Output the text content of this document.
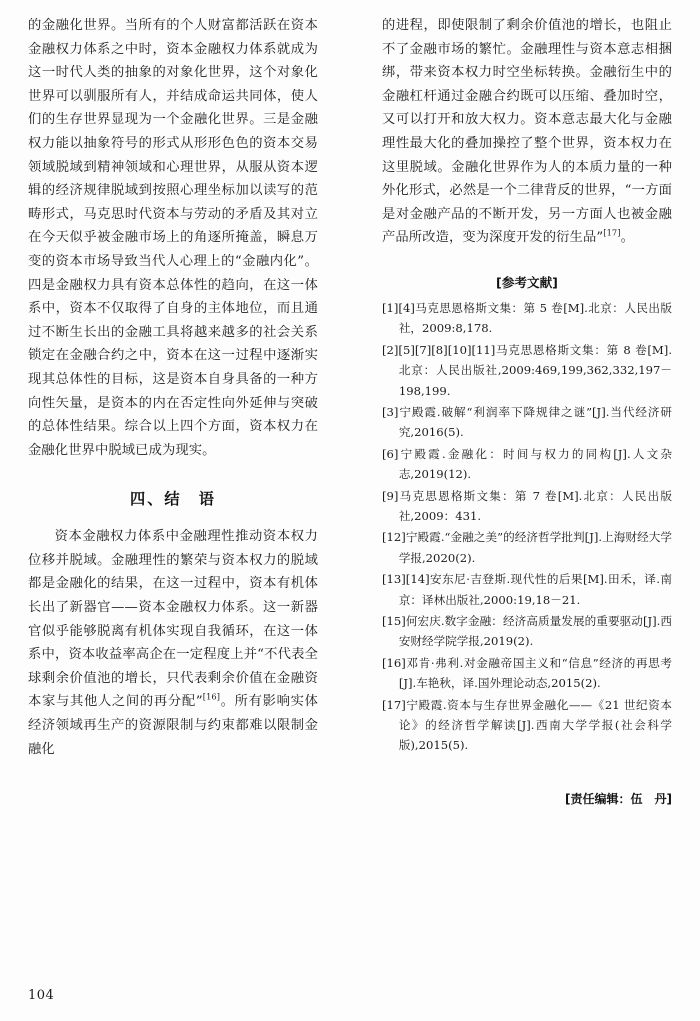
的金融化世界。当所有的个人财富都活跃在资本金融权力体系之中时，资本金融权力体系就成为这一时代人类的抽象的对象化世界，这个对象化世界可以驯服所有人，并结成命运共同体，使人们的生存世界显现为一个金融化世界。三是金融权力能以抽象符号的形式从形形色色的资本交易领域脱域到精神领域和心理世界，从服从资本逻辑的经济规律脱域到按照心理坐标加以读写的范畴形式，马克思时代资本与劳动的矛盾及其对立在今天似乎被金融市场上的角逐所掩盖，瞬息万变的资本市场导致当代人心理上的“金融内化”。四是金融权力具有资本总体性的趋向，在这一体系中，资本不仅取得了自身的主体地位，而且通过不断生长出的金融工具将越来越多的社会关系锁定在金融合约之中，资本在这一过程中逐渐实现其总体性的目标，这是资本自身具备的一种方向性矢量，是资本的内在否定性向外延伸与突破的总体性结果。综合以上四个方面，资本权力在金融化世界中脱域已成为现实。

四、结　语

资本金融权力体系中金融理性推动资本权力位移并脱域。金融理性的繁荣与资本权力的脱域都是金融化的结果，在这一过程中，资本有机体长出了新器官——资本金融权力体系。这一新器官似乎能够脱离有机体实现自我循环，在这一体系中，资本收益率高企在一定程度上并“不代表全球剩余价值池的增长，只代表剩余价值在金融资本家与其他人之间的再分配”[16]。所有影响实体经济领域再生产的资源限制与约束都难以限制金融化

的进程，即使限制了剩余价值池的增长，也阻止不了金融市场的繁忙。金融理性与资本意志相捆绑，带来资本权力时空坐标转换。金融衍生中的金融杠杆通过金融合约既可以压缩、叠加时空，又可以打开和放大权力。资本意志最大化与金融理性最大化的叠加操控了整个世界，资本权力在这里脱域。金融化世界作为人的本质力量的一种外化形式，必然是一个二律背反的世界，“一方面是对金融产品的不断开发，另一方面人也被金融产品所改造，变为深度开发的衍生品”[17]。

[参考文献]

[1][4]马克思恩格斯文集：第 5 卷[M].北京：人民出版社，2009:8,178.

[2][5][7][8][10][11]马克思恩格斯文集：第 8 卷[M].北京：人民出版社,2009:469,199,362,332,197－198,199.

[3]宁殿霞.破解“利润率下降规律之谜”[J].当代经济研究,2016(5).

[6]宁殿霞.金融化：时间与权力的同构[J].人文杂志,2019(12).

[9]马克思恩格斯文集：第 7 卷[M].北京：人民出版社,2009：431.

[12]宁殿霞.“金融之美”的经济哲学批判[J].上海财经大学学报,2020(2).

[13][14]安东尼·吉登斯.现代性的后果[M].田禾，译.南京：译林出版社,2000:19,18－21.

[15]何宏庆.数字金融：经济高质量发展的重要驱动[J].西安财经学院学报,2019(2).

[16]邓肯·弗利.对金融帝国主义和“信息”经济的再思考[J].车艳秋，译.国外理论动态,2015(2).

[17]宁殿霞.资本与生存世界金融化——《21 世纪资本论》的经济哲学解读[J].西南大学学报(社会科学版),2015(5).

[责任编辑：伍　丹]
104
